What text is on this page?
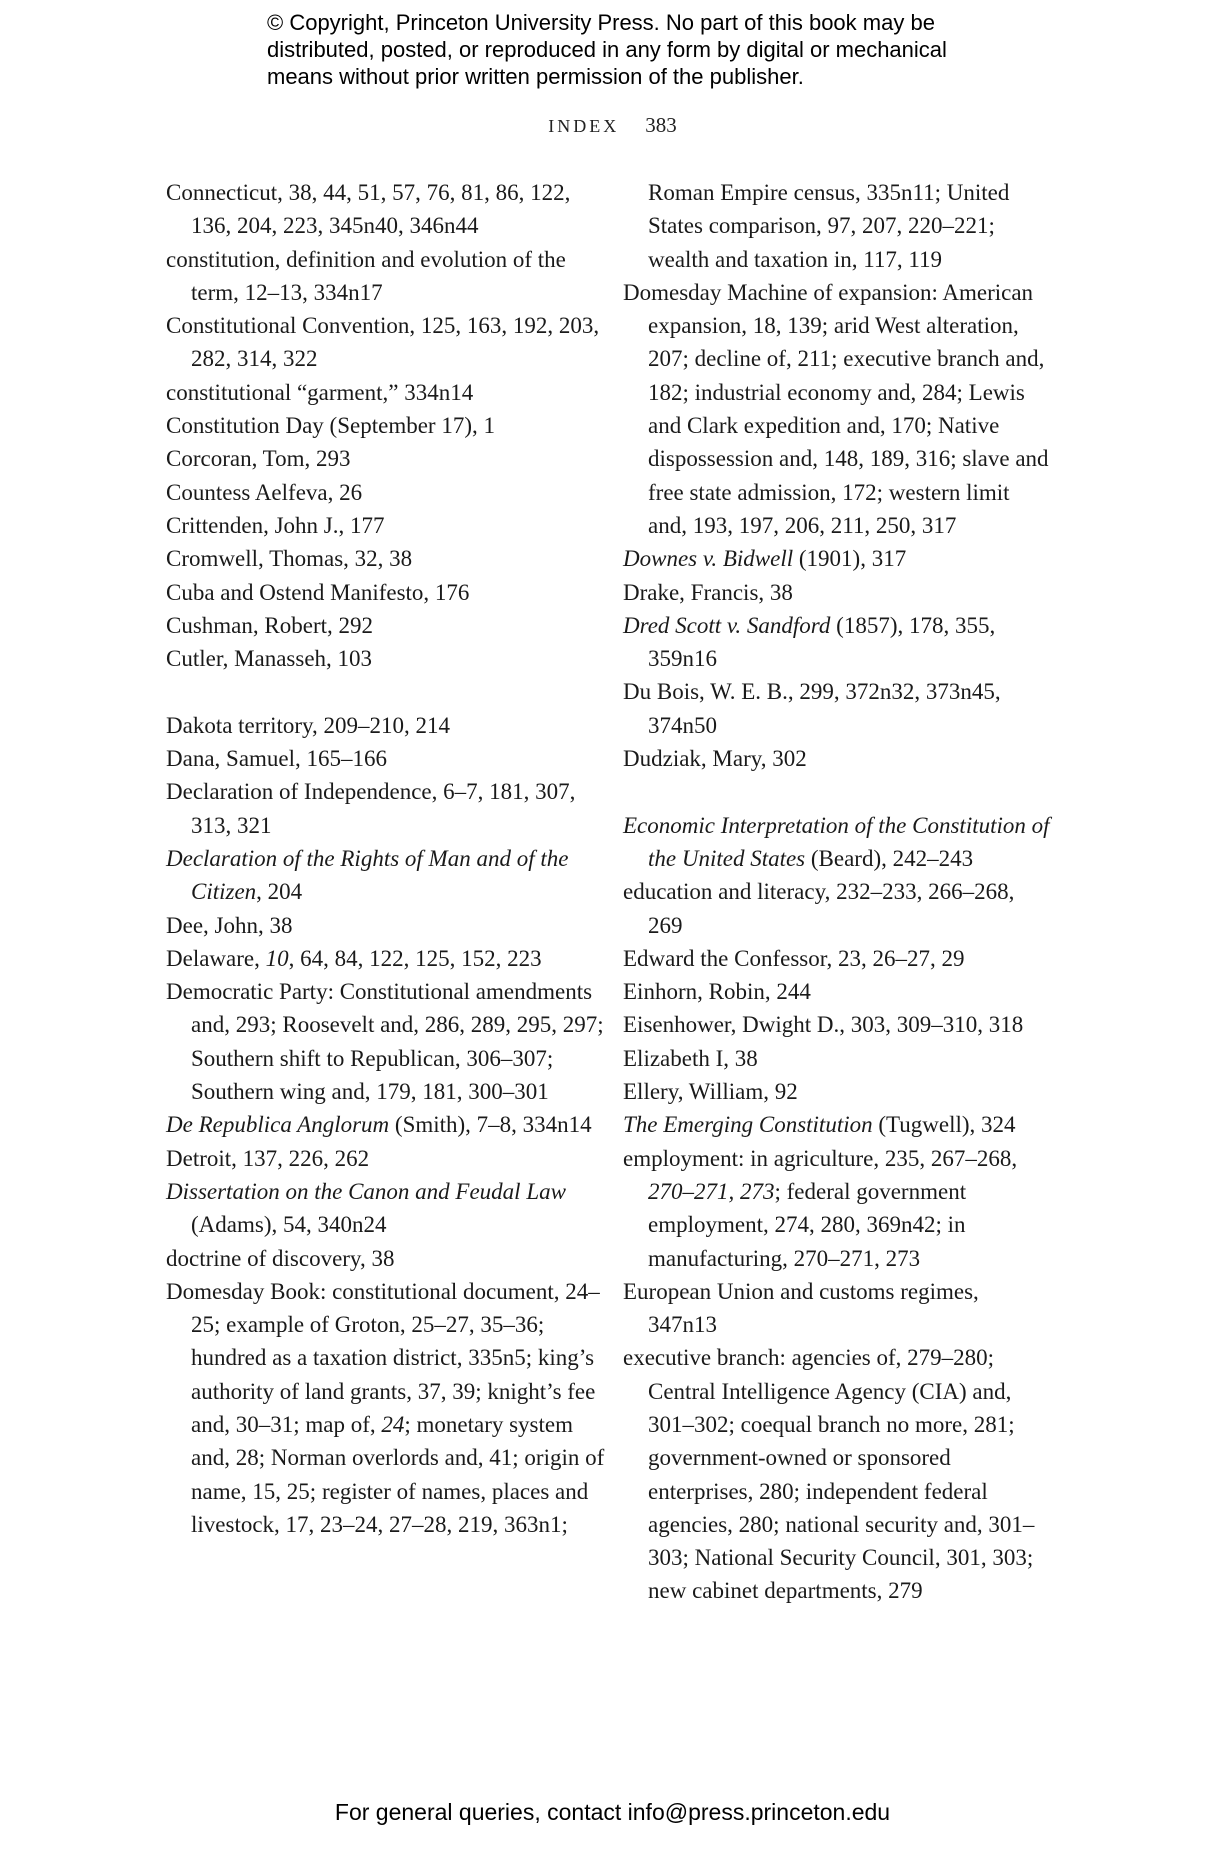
© Copyright, Princeton University Press. No part of this book may be
distributed, posted, or reproduced in any form by digital or mechanical
means without prior written permission of the publisher.
INDEX 383

Connecticut, 38, 44, 51, 57, 76, 81, 86, 122, 136, 204, 223, 345n40, 346n44

constitution, definition and evolution of the term, 12–13, 334n17

Constitutional Convention, 125, 163, 192, 203, 282, 314, 322

constitutional “garment,” 334n14

Constitution Day (September 17), 1

Corcoran, Tom, 293

Countess Aelfeva, 26

Crittenden, John J., 177

Cromwell, Thomas, 32, 38

Cuba and Ostend Manifesto, 176

Cushman, Robert, 292

Cutler, Manasseh, 103

Dakota territory, 209–210, 214

Dana, Samuel, 165–166

Declaration of Independence, 6–7, 181, 307, 313, 321

Declaration of the Rights of Man and of the Citizen, 204

Dee, John, 38

Delaware, 10, 64, 84, 122, 125, 152, 223

Democratic Party: Constitutional amendments and, 293; Roosevelt and, 286, 289, 295, 297; Southern shift to Republican, 306–307; Southern wing and, 179, 181, 300–301

De Republica Anglorum (Smith), 7–8, 334n14

Detroit, 137, 226, 262

Dissertation on the Canon and Feudal Law (Adams), 54, 340n24

doctrine of discovery, 38

Domesday Book: constitutional document, 24–25; example of Groton, 25–27, 35–36; hundred as a taxation district, 335n5; king’s authority of land grants, 37, 39; knight’s fee and, 30–31; map of, 24; monetary system and, 28; Norman overlords and, 41; origin of name, 15, 25; register of names, places and livestock, 17, 23–24, 27–28, 219, 363n1;

Roman Empire census, 335n11; United States comparison, 97, 207, 220–221; wealth and taxation in, 117, 119

Domesday Machine of expansion: American expansion, 18, 139; arid West alteration, 207; decline of, 211; executive branch and, 182; industrial economy and, 284; Lewis and Clark expedition and, 170; Native dispossession and, 148, 189, 316; slave and free state admission, 172; western limit and, 193, 197, 206, 211, 250, 317

Downes v. Bidwell (1901), 317

Drake, Francis, 38

Dred Scott v. Sandford (1857), 178, 355, 359n16

Du Bois, W. E. B., 299, 372n32, 373n45, 374n50

Dudziak, Mary, 302

Economic Interpretation of the Constitution of the United States (Beard), 242–243

education and literacy, 232–233, 266–268, 269

Edward the Confessor, 23, 26–27, 29

Einhorn, Robin, 244

Eisenhower, Dwight D., 303, 309–310, 318

Elizabeth I, 38

Ellery, William, 92

The Emerging Constitution (Tugwell), 324

employment: in agriculture, 235, 267–268, 270–271, 273; federal government employment, 274, 280, 369n42; in manufacturing, 270–271, 273

European Union and customs regimes, 347n13

executive branch: agencies of, 279–280; Central Intelligence Agency (CIA) and, 301–302; coequal branch no more, 281; government-owned or sponsored enterprises, 280; independent federal agencies, 280; national security and, 301–303; National Security Council, 301, 303; new cabinet departments, 279

For general queries, contact info@press.princeton.edu
